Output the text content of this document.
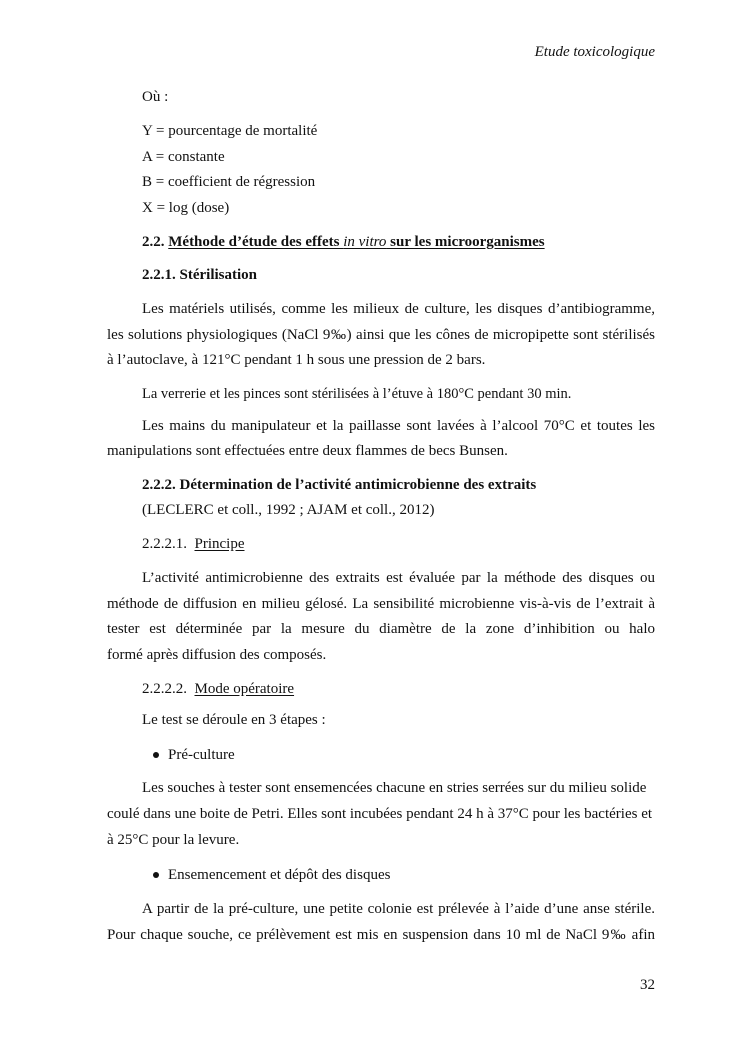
Etude toxicologique
Où :
Y = pourcentage de mortalité
A = constante
B = coefficient de régression
X = log (dose)
2.2. Méthode d’étude des effets in vitro sur les microorganismes
2.2.1. Stérilisation
Les matériels utilisés, comme les milieux de culture, les disques d’antibiogramme,
les solutions physiologiques (NaCl 9‰) ainsi que les cônes de micropipette sont stérilisés
à l’autoclave, à 121°C pendant 1 h sous une pression de 2 bars.
La verrerie et les pinces sont stérilisées à l’étuve à 180°C pendant 30 min.
Les mains du manipulateur et la paillasse sont lavées à l’alcool 70°C et toutes les
manipulations sont effectuées entre deux flammes de becs Bunsen.
2.2.2. Détermination de l’activité antimicrobienne des extraits
(LECLERC et coll., 1992 ; AJAM et coll., 2012)
2.2.2.1. Principe
L’activité antimicrobienne des extraits est évaluée par la méthode des disques ou
méthode de diffusion en milieu gélosé. La sensibilité microbienne vis-à-vis de l’extrait à
tester est déterminée par la mesure du diamètre de la zone d’inhibition ou halo
formé après diffusion des composés.
2.2.2.2. Mode opératoire
Le test se déroule en 3 étapes :
Pré-culture
Les souches à tester sont ensemencées chacune en stries serrées sur du milieu solide
coulé dans une boite de Petri. Elles sont incubées pendant 24 h à 37°C pour les bactéries et
à 25°C pour la levure.
Ensemencement et dépôt des disques
A partir de la pré-culture, une petite colonie est prélevée à l’aide d’une anse stérile.
Pour chaque souche, ce prélèvement est mis en suspension dans 10 ml de NaCl 9‰ afin
32
